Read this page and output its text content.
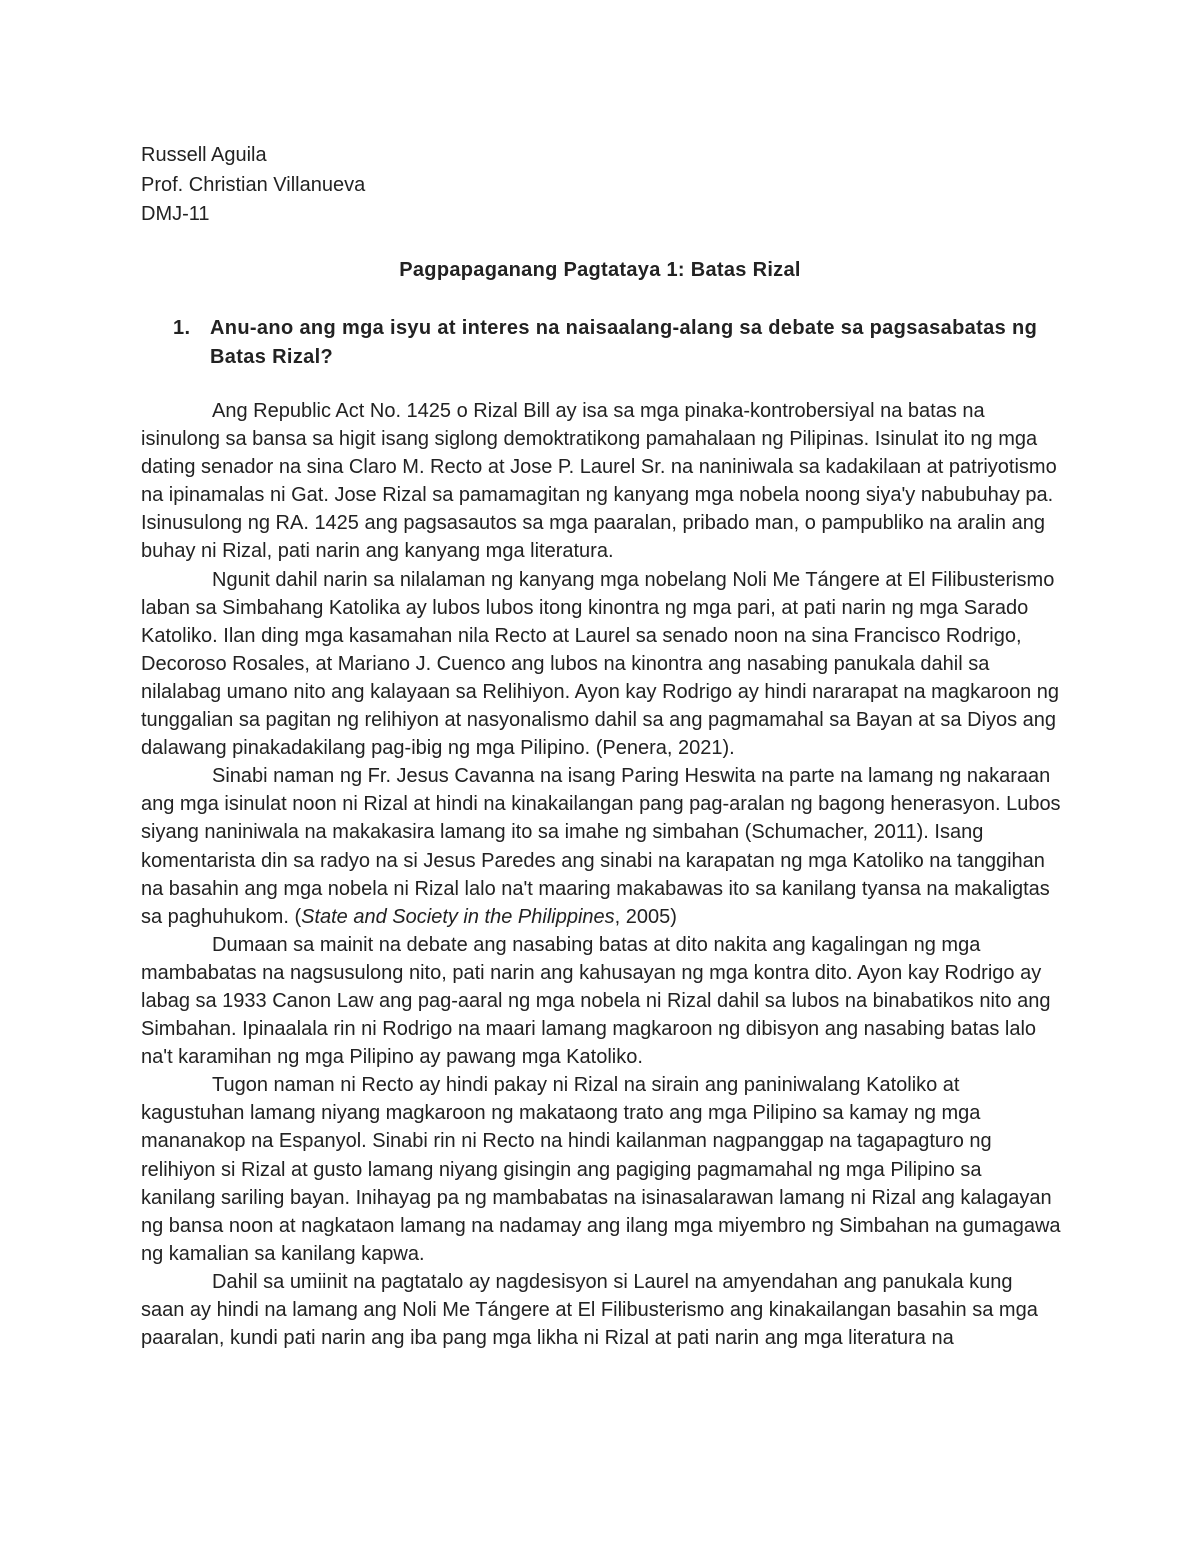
Russell Aguila
Prof. Christian Villanueva
DMJ-11
Pagpapaganang Pagtataya 1: Batas Rizal
1. Anu-ano ang mga isyu at interes na naisaalang-alang sa debate sa pagsasabatas ng Batas Rizal?

Ang Republic Act No. 1425 o Rizal Bill ay isa sa mga pinaka-kontrobersiyal na batas na isinulong sa bansa sa higit isang siglong demoktratikong pamahalaan ng Pilipinas. Isinulat ito ng mga dating senador na sina Claro M. Recto at Jose P. Laurel Sr. na naniniwala sa kadakilaan at patriyotismo na ipinamalas ni Gat. Jose Rizal sa pamamagitan ng kanyang mga nobela noong siya'y nabubuhay pa. Isinusulong ng RA. 1425 ang pagsasautos sa mga paaralan, pribado man, o pampubliko na aralin ang buhay ni Rizal, pati narin ang kanyang mga literatura.

Ngunit dahil narin sa nilalaman ng kanyang mga nobelang Noli Me Tángere at El Filibusterismo laban sa Simbahang Katolika ay lubos lubos itong kinontra ng mga pari, at pati narin ng mga Sarado Katoliko. Ilan ding mga kasamahan nila Recto at Laurel sa senado noon na sina Francisco Rodrigo, Decoroso Rosales, at Mariano J. Cuenco ang lubos na kinontra ang nasabing panukala dahil sa nilalabag umano nito ang kalayaan sa Relihiyon. Ayon kay Rodrigo ay hindi nararapat na magkaroon ng tunggalian sa pagitan ng relihiyon at nasyonalismo dahil sa ang pagmamahal sa Bayan at sa Diyos ang dalawang pinakadakilang pag-ibig ng mga Pilipino. (Penera, 2021).

Sinabi naman ng Fr. Jesus Cavanna na isang Paring Heswita na parte na lamang ng nakaraan ang mga isinulat noon ni Rizal at hindi na kinakailangan pang pag-aralan ng bagong henerasyon. Lubos siyang naniniwala na makakasira lamang ito sa imahe ng simbahan (Schumacher, 2011). Isang komentarista din sa radyo na si Jesus Paredes ang sinabi na karapatan ng mga Katoliko na tanggihan na basahin ang mga nobela ni Rizal lalo na't maaring makabawas ito sa kanilang tyansa na makaligtas sa paghuhukom. (State and Society in the Philippines, 2005)

Dumaan sa mainit na debate ang nasabing batas at dito nakita ang kagalingan ng mga mambabatas na nagsusulong nito, pati narin ang kahusayan ng mga kontra dito. Ayon kay Rodrigo ay labag sa 1933 Canon Law ang pag-aaral ng mga nobela ni Rizal dahil sa lubos na binabatikos nito ang Simbahan. Ipinaalala rin ni Rodrigo na maari lamang magkaroon ng dibisyon ang nasabing batas lalo na't karamihan ng mga Pilipino ay pawang mga Katoliko.

Tugon naman ni Recto ay hindi pakay ni Rizal na sirain ang paniniwalang Katoliko at kagustuhan lamang niyang magkaroon ng makataong trato ang mga Pilipino sa kamay ng mga mananakop na Espanyol. Sinabi rin ni Recto na hindi kailanman nagpanggap na tagapagturo ng relihiyon si Rizal at gusto lamang niyang gisingin ang pagiging pagmamahal ng mga Pilipino sa kanilang sariling bayan. Inihayag pa ng mambabatas na isinasalarawan lamang ni Rizal ang kalagayan ng bansa noon at nagkataon lamang na nadamay ang ilang mga miyembro ng Simbahan na gumagawa ng kamalian sa kanilang kapwa.

Dahil sa umiinit na pagtatalo ay nagdesisyon si Laurel na amyendahan ang panukala kung saan ay hindi na lamang ang Noli Me Tángere at El Filibusterismo ang kinakailangan basahin sa mga paaralan, kundi pati narin ang iba pang mga likha ni Rizal at pati narin ang mga literatura na
